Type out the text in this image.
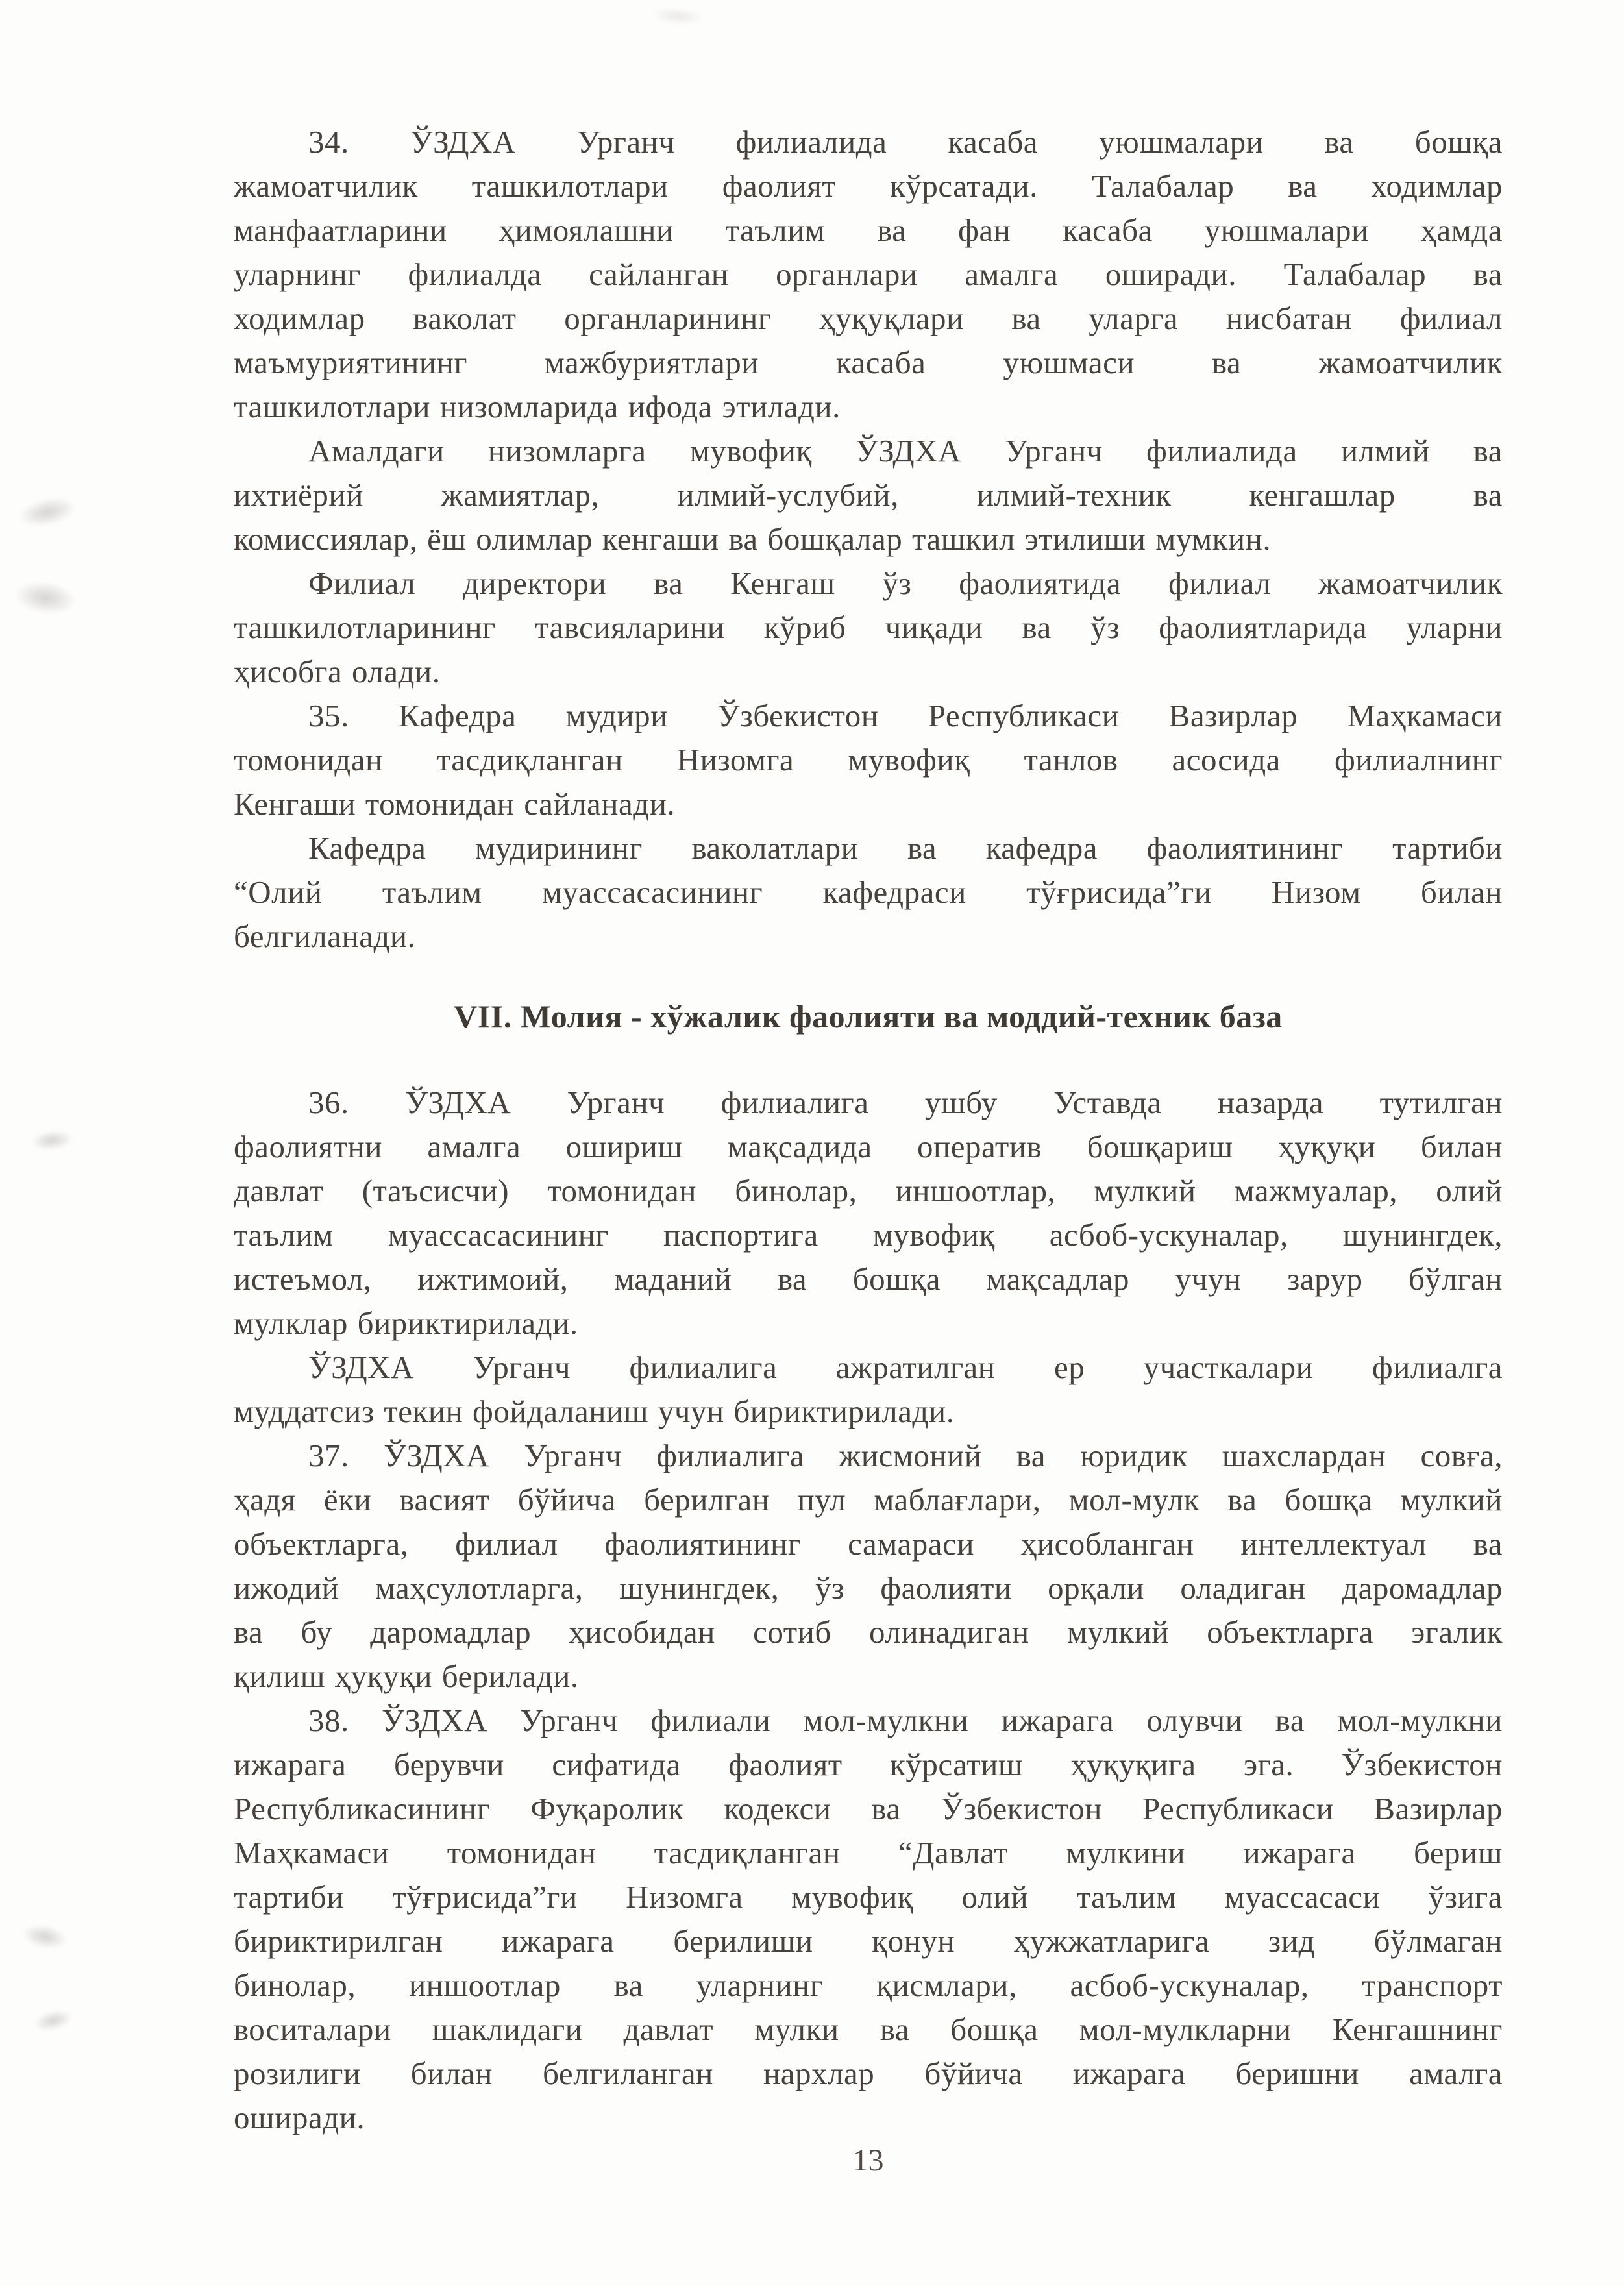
34. ЎЗДХА Урганч филиалида касаба уюшмалари ва бошқа
жамоатчилик ташкилотлари фаолият кўрсатади. Талабалар ва ходимлар
манфаатларини ҳимоялашни таълим ва фан касаба уюшмалари ҳамда
уларнинг филиалда сайланган органлари амалга оширади. Талабалар ва
ходимлар ваколат органларининг ҳуқуқлари ва уларга нисбатан филиал
маъмуриятининг мажбуриятлари касаба уюшмаси ва жамоатчилик
ташкилотлари низомларида ифода этилади.
Амалдаги низомларга мувофиқ ЎЗДХА Урганч филиалида илмий ва
ихтиёрий жамиятлар, илмий-услубий, илмий-техник кенгашлар ва
комиссиялар, ёш олимлар кенгаши ва бошқалар ташкил этилиши мумкин.
Филиал директори ва Кенгаш ўз фаолиятида филиал жамоатчилик
ташкилотларининг тавсияларини кўриб чиқади ва ўз фаолиятларида уларни
ҳисобга олади.
35. Кафедра мудири Ўзбекистон Республикаси Вазирлар Маҳкамаси
томонидан тасдиқланган Низомга мувофиқ танлов асосида филиалнинг
Кенгаши томонидан сайланади.
Кафедра мудирининг ваколатлари ва кафедра фаолиятининг тартиби
“Олий таълим муассасасининг кафедраси тўғрисида”ги Низом билан
белгиланади.
VII. Молия - хўжалик фаолияти ва моддий-техник база
36. ЎЗДХА Урганч филиалига ушбу Уставда назарда тутилган
фаолиятни амалга ошириш мақсадида оператив бошқариш ҳуқуқи билан
давлат (таъсисчи) томонидан бинолар, иншоотлар, мулкий мажмуалар, олий
таълим муассасасининг паспортига мувофиқ асбоб-ускуналар, шунингдек,
истеъмол, ижтимоий, маданий ва бошқа мақсадлар учун зарур бўлган
мулклар бириктирилади.
ЎЗДХА Урганч филиалига ажратилган ер участкалари филиалга
муддатсиз текин фойдаланиш учун бириктирилади.
37. ЎЗДХА Урганч филиалига жисмоний ва юридик шахслардан совға,
ҳадя ёки васият бўйича берилган пул маблағлари, мол-мулк ва бошқа мулкий
объектларга, филиал фаолиятининг самараси ҳисобланган интеллектуал ва
ижодий маҳсулотларга, шунингдек, ўз фаолияти орқали оладиган даромадлар
ва бу даромадлар ҳисобидан сотиб олинадиган мулкий объектларга эгалик
қилиш ҳуқуқи берилади.
38. ЎЗДХА Урганч филиали мол-мулкни ижарага олувчи ва мол-мулкни
ижарага берувчи сифатида фаолият кўрсатиш ҳуқуқига эга. Ўзбекистон
Республикасининг Фуқаролик кодекси ва Ўзбекистон Республикаси Вазирлар
Маҳкамаси томонидан тасдиқланган “Давлат мулкини ижарага бериш
тартиби тўғрисида”ги Низомга мувофиқ олий таълим муассасаси ўзига
бириктирилган ижарага берилиши қонун ҳужжатларига зид бўлмаган
бинолар, иншоотлар ва уларнинг қисмлари, асбоб-ускуналар, транспорт
воситалари шаклидаги давлат мулки ва бошқа мол-мулкларни Кенгашнинг
розилиги билан белгиланган нархлар бўйича ижарага беришни амалга
оширади.
13
